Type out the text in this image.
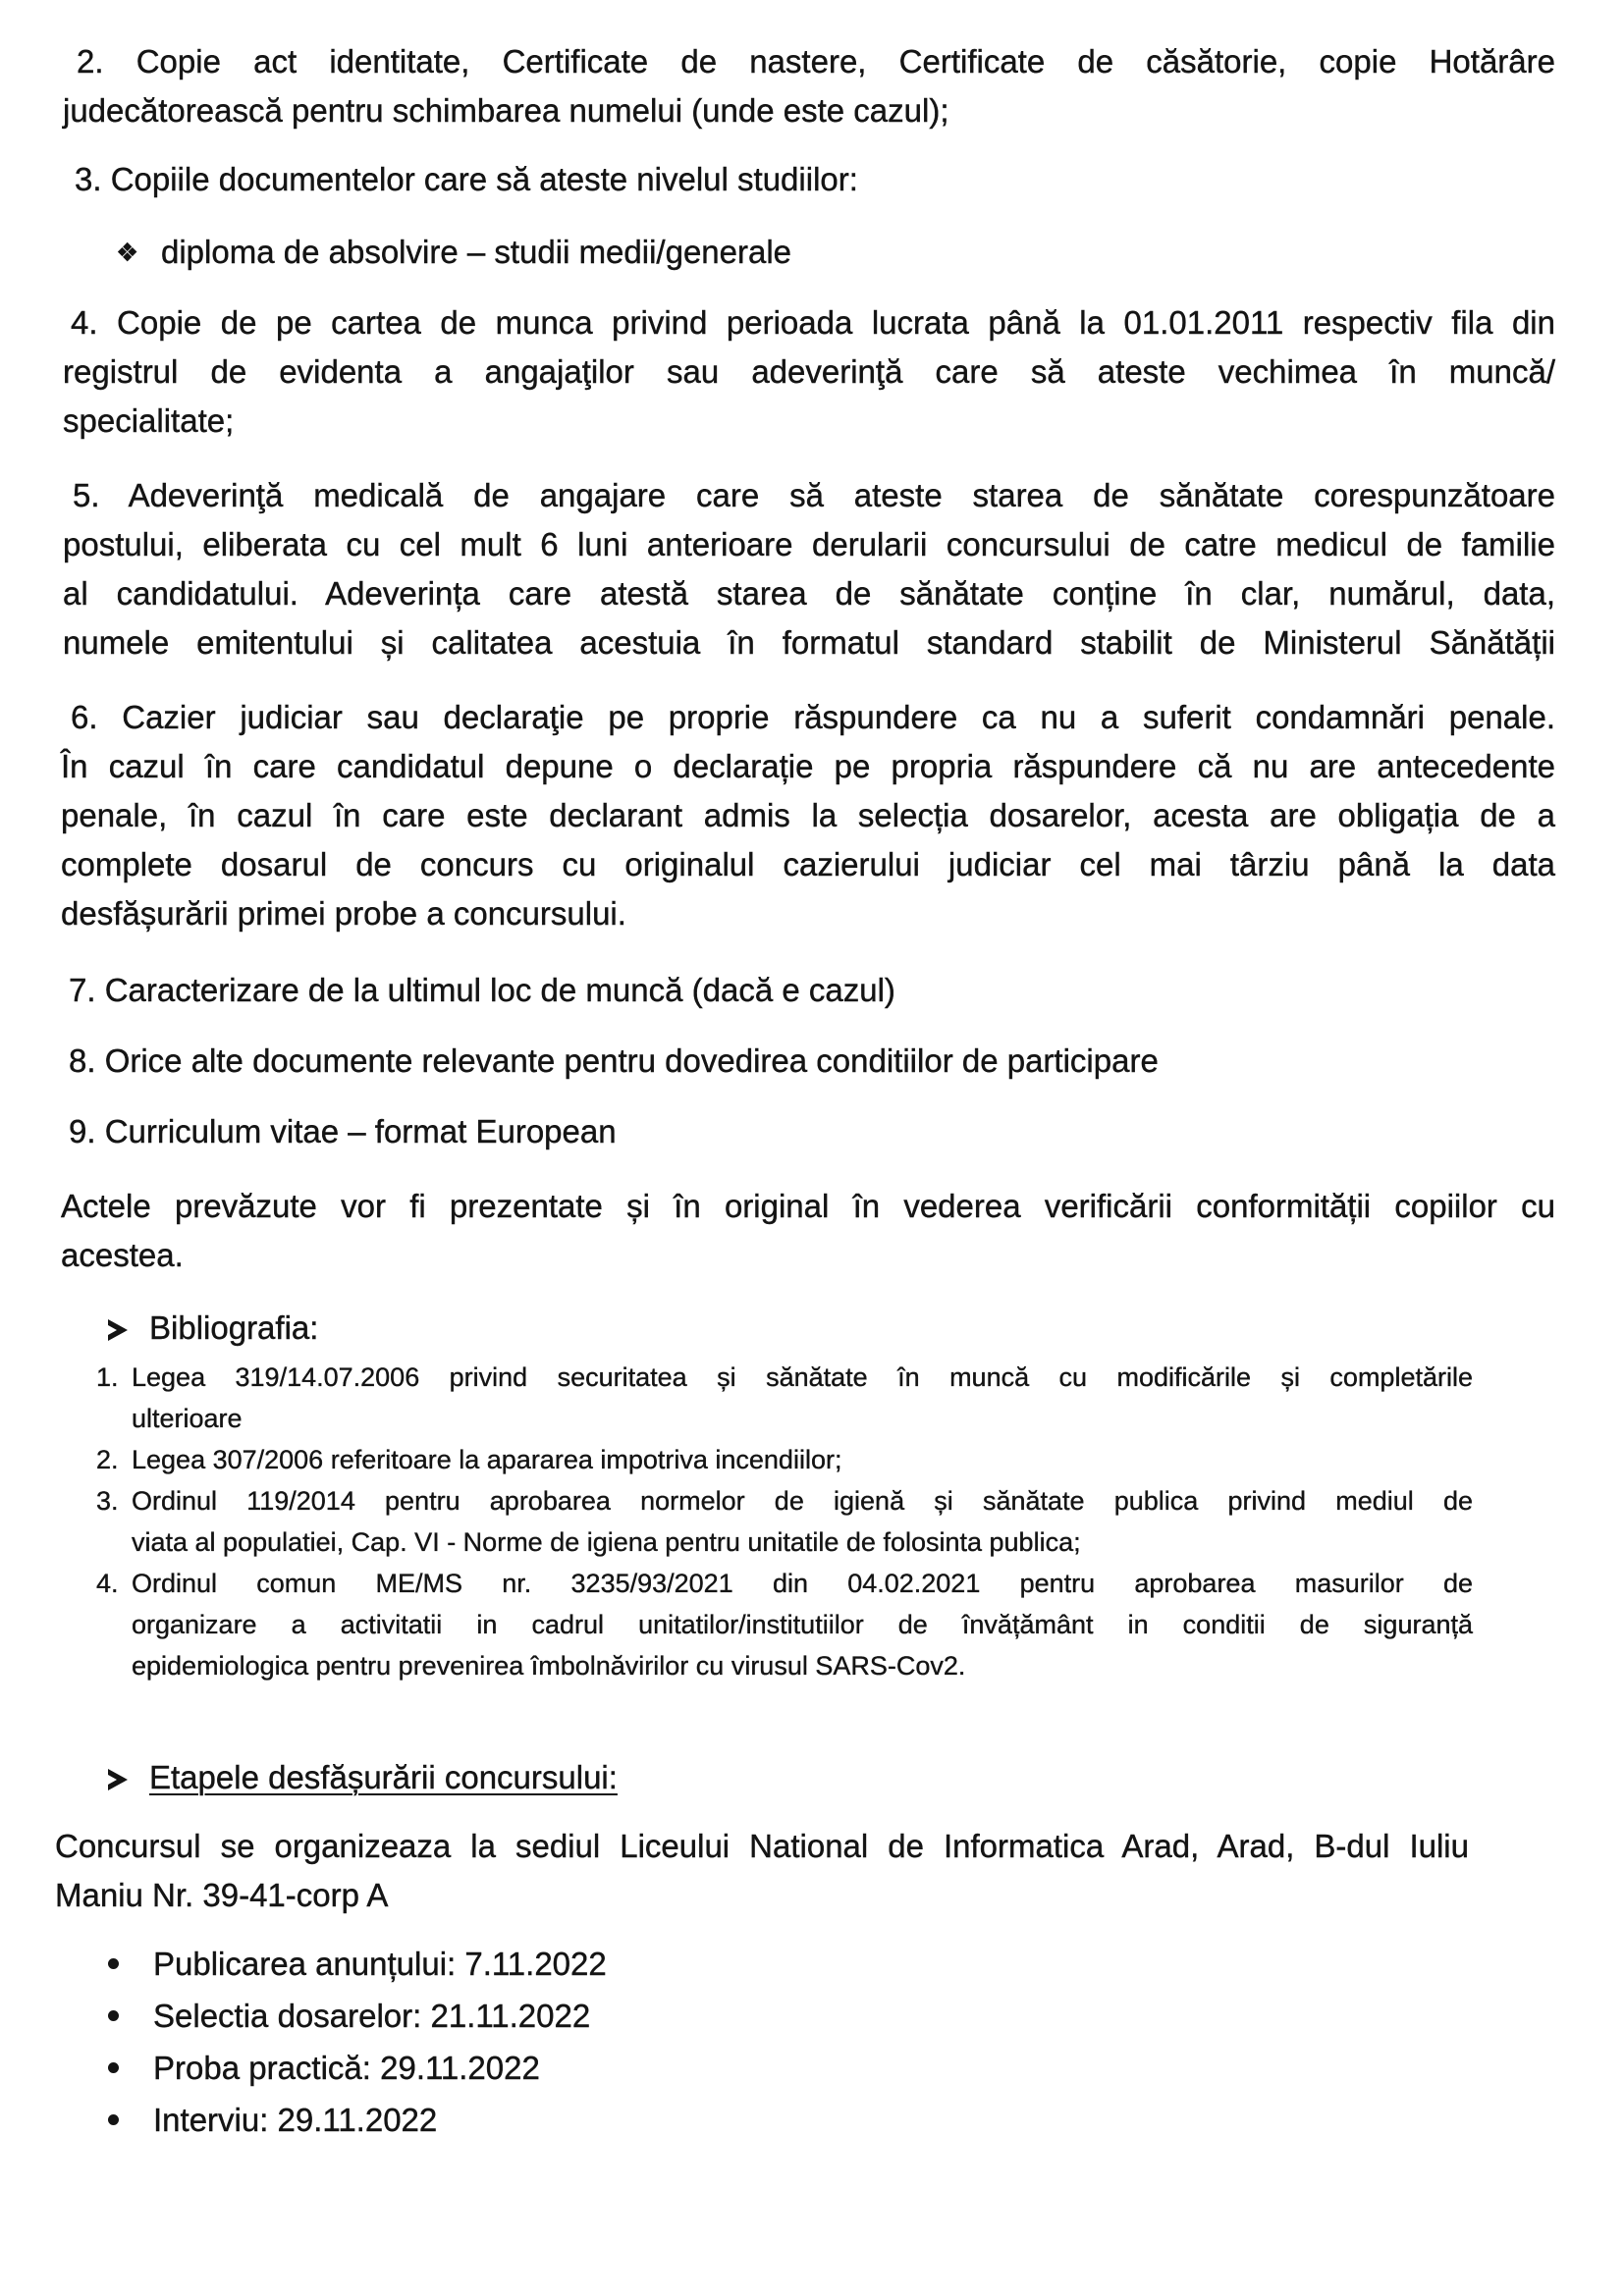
2. Copie act identitate, Certificate de nastere, Certificate de căsătorie, copie Hotărâre
judecătorească pentru schimbarea numelui (unde este cazul);
3. Copiile documentelor care să ateste nivelul studiilor:
❖ diploma de absolvire – studii medii/generale
4. Copie de pe cartea de munca privind perioada lucrata până la 01.01.2011 respectiv fila din
registrul de evidenta a angajaţilor sau adeverinţă care să ateste vechimea în muncă/
specialitate;
5. Adeverinţă medicală de angajare care să ateste starea de sănătate corespunzătoare
postului, eliberata cu cel mult 6 luni anterioare derularii concursului de catre medicul de familie
al candidatului. Adeverința care atestă starea de sănătate conține în clar, numărul, data,
numele emitentului și calitatea acestuia în formatul standard stabilit de Ministerul Sănătății
6. Cazier judiciar sau declaraţie pe proprie răspundere ca nu a suferit condamnări penale.
În cazul în care candidatul depune o declarație pe propria răspundere că nu are antecedente
penale, în cazul în care este declarant admis la selecția dosarelor, acesta are obligația de a
complete dosarul de concurs cu originalul cazierului judiciar cel mai târziu până la data
desfășurării primei probe a concursului.
7. Caracterizare de la ultimul loc de muncă (dacă e cazul)
8. Orice alte documente relevante pentru dovedirea conditiilor de participare
9. Curriculum vitae – format European
Actele prevăzute vor fi prezentate și în original în vederea verificării conformității copiilor cu
acestea.
Bibliografia:
1. Legea 319/14.07.2006 privind securitatea și sănătate în muncă cu modificările și completările
ulterioare
2. Legea 307/2006 referitoare la apararea impotriva incendiilor;
3. Ordinul 119/2014 pentru aprobarea normelor de igienă și sănătate publica privind mediul de
viata al populatiei, Cap. VI - Norme de igiena pentru unitatile de folosinta publica;
4. Ordinul comun ME/MS nr. 3235/93/2021 din 04.02.2021 pentru aprobarea masurilor de
organizare a activitatii in cadrul unitatilor/institutiilor de învățământ in conditii de siguranță
epidemiologica pentru prevenirea îmbolnăvirilor cu virusul SARS-Cov2.
Etapele desfășurării concursului:
Concursul se organizeaza la sediul Liceului National de Informatica Arad, Arad, B-dul Iuliu
Maniu Nr. 39-41-corp A
Publicarea anunțului: 7.11.2022
Selectia dosarelor: 21.11.2022
Proba practică: 29.11.2022
Interviu: 29.11.2022
